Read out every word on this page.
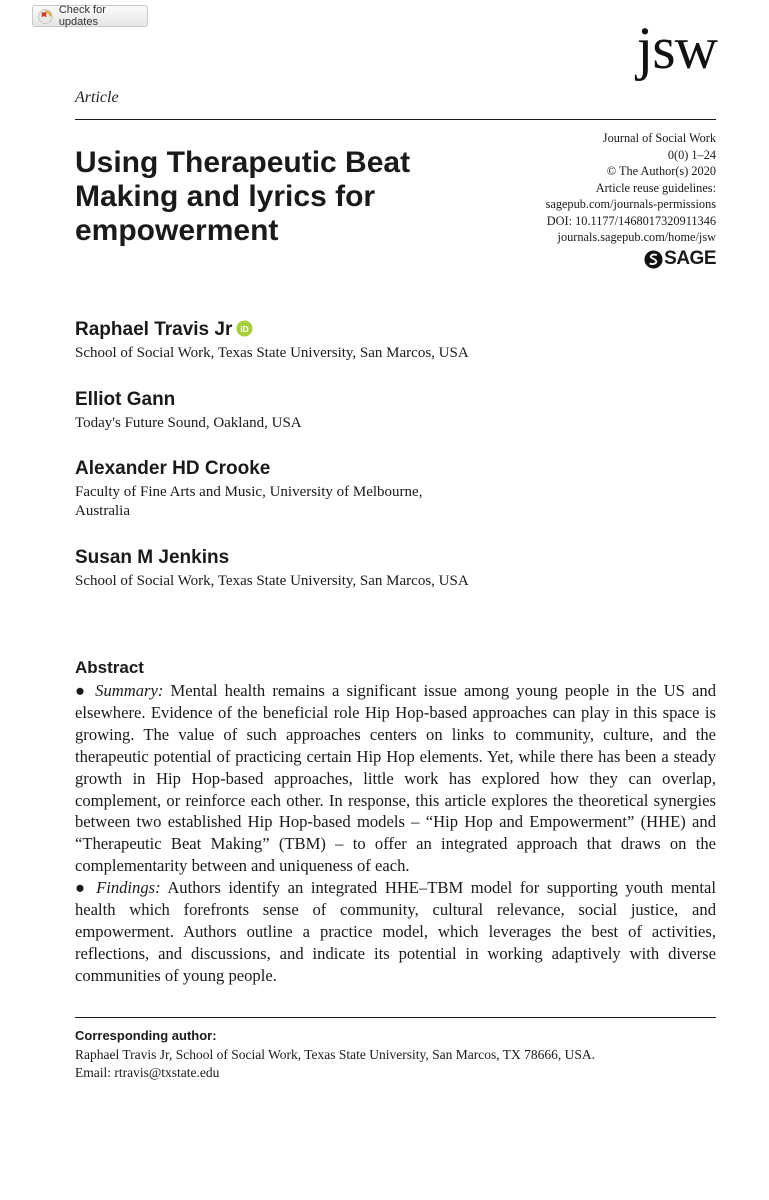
Check for updates	jsw
Article
Using Therapeutic Beat Making and lyrics for empowerment
Journal of Social Work
0(0) 1–24
© The Author(s) 2020
Article reuse guidelines:
sagepub.com/journals-permissions
DOI: 10.1177/1468017320911346
journals.sagepub.com/home/jsw
SAGE
Raphael Travis Jr iD
School of Social Work, Texas State University, San Marcos, USA
Elliot Gann
Today's Future Sound, Oakland, USA
Alexander HD Crooke
Faculty of Fine Arts and Music, University of Melbourne, Australia
Susan M Jenkins
School of Social Work, Texas State University, San Marcos, USA
Abstract

● Summary: Mental health remains a significant issue among young people in the US and elsewhere. Evidence of the beneficial role Hip Hop-based approaches can play in this space is growing. The value of such approaches centers on links to community, culture, and the therapeutic potential of practicing certain Hip Hop elements. Yet, while there has been a steady growth in Hip Hop-based approaches, little work has explored how they can overlap, complement, or reinforce each other. In response, this article explores the theoretical synergies between two established Hip Hop-based models – “Hip Hop and Empowerment” (HHE) and “Therapeutic Beat Making” (TBM) – to offer an integrated approach that draws on the complementarity between and uniqueness of each.

● Findings: Authors identify an integrated HHE–TBM model for supporting youth mental health which forefronts sense of community, cultural relevance, social justice, and empowerment. Authors outline a practice model, which leverages the best of activities, reflections, and discussions, and indicate its potential in working adaptively with diverse communities of young people.

Corresponding author:
Raphael Travis Jr, School of Social Work, Texas State University, San Marcos, TX 78666, USA.
Email: rtravis@txstate.edu
